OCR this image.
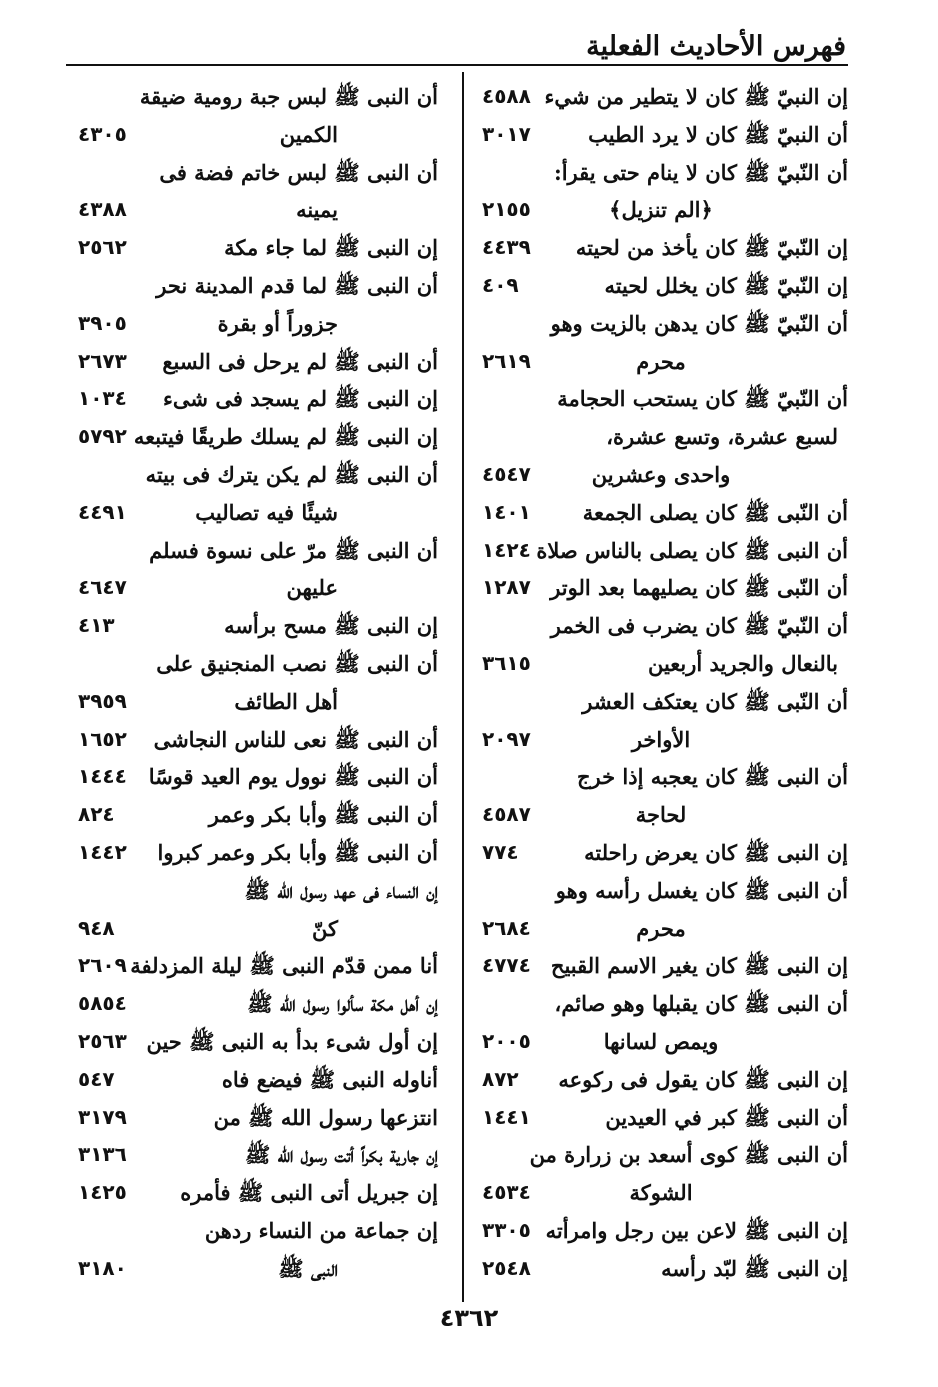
فهرس الأحاديث الفعلية
إن النبيّ ﷺ كان لا يتطير من شيء
٤٥٨٨
أن النبيّ ﷺ كان لا يرد الطيب
٣٠١٧
أن النّبيّ ﷺ كان لا ينام حتى يقرأ:
﴿الم تنزيل﴾
٢١٥٥
إن النّبيّ ﷺ كان يأخذ من لحيته
٤٤٣٩
إن النّبيّ ﷺ كان يخلل لحيته
٤٠٩
أن النّبيّ ﷺ كان يدهن بالزيت وهو
محرم
٢٦١٩
أن النّبيّ ﷺ كان يستحب الحجامة
لسبع عشرة، وتسع عشرة،
واحدى وعشرين
٤٥٤٧
أن النّبى ﷺ كان يصلى الجمعة
١٤٠١
أن النبى ﷺ كان يصلى بالناس صلاة
١٤٢٤
أن النّبى ﷺ كان يصليهما بعد الوتر
١٢٨٧
أن النّبيّ ﷺ كان يضرب فى الخمر
بالنعال والجريد أربعين
٣٦١٥
أن النّبى ﷺ كان يعتكف العشر
الأواخر
٢٠٩٧
أن النبى ﷺ كان يعجبه إذا خرج
لحاجة
٤٥٨٧
إن النبى ﷺ كان يعرض راحلته
٧٧٤
أن النبى ﷺ كان يغسل رأسه وهو
محرم
٢٦٨٤
إن النبى ﷺ كان يغير الاسم القبيح
٤٧٧٤
أن النبى ﷺ كان يقبلها وهو صائم،
ويمص لسانها
٢٠٠٥
إن النبى ﷺ كان يقول فى ركوعه
٨٧٢
أن النبى ﷺ كبر في العيدين
١٤٤١
أن النبى ﷺ كوى أسعد بن زرارة من
الشوكة
٤٥٣٤
إن النبى ﷺ لاعن بين رجل وامرأته
٣٣٠٥
إن النبى ﷺ لبّد رأسه
٢٥٤٨
أن النبى ﷺ لبس جبة رومية ضيقة
الكمين
٤٣٠٥
أن النبى ﷺ لبس خاتم فضة فى
يمينه
٤٣٨٨
إن النبى ﷺ لما جاء مكة
٢٥٦٢
أن النبى ﷺ لما قدم المدينة نحر
جزوراً أو بقرة
٣٩٠٥
أن النبى ﷺ لم يرحل فى السبع
٢٦٧٣
إن النبى ﷺ لم يسجد فى شىء
١٠٣٤
إن النبى ﷺ لم يسلك طريقًا فيتبعه
٥٧٩٢
أن النبى ﷺ لم يكن يترك فى بيته
شيئًا فيه تصاليب
٤٤٩١
أن النبى ﷺ مرّ على نسوة فسلم
عليهن
٤٦٤٧
إن النبى ﷺ مسح برأسه
٤١٣
أن النبى ﷺ نصب المنجنيق على
أهل الطائف
٣٩٥٩
أن النبى ﷺ نعى للناس النجاشى
١٦٥٢
أن النبى ﷺ نوول يوم العيد قوسًا
١٤٤٤
أن النبى ﷺ وأبا بكر وعمر
٨٢٤
أن النبى ﷺ وأبا بكر وعمر كبروا
١٤٤٢
إن النساء فى عهد رسول الله ﷺ
كنّ
٩٤٨
أنا ممن قدّم النبى ﷺ ليلة المزدلفة
٢٦٠٩
إن أهل مكة سألوا رسول الله ﷺ
٥٨٥٤
إن أول شىء بدأ به النبى ﷺ حين
٢٥٦٣
أناوله النبى ﷺ فيضع فاه
٥٤٧
انتزعها رسول الله ﷺ من
٣١٧٩
إن جارية بكراً أتت رسول الله ﷺ
٣١٣٦
إن جبريل أتى النبى ﷺ فأمره
١٤٢٥
إن جماعة من النساء ردهن
النبى ﷺ
٣١٨٠
٤٣٦٢
